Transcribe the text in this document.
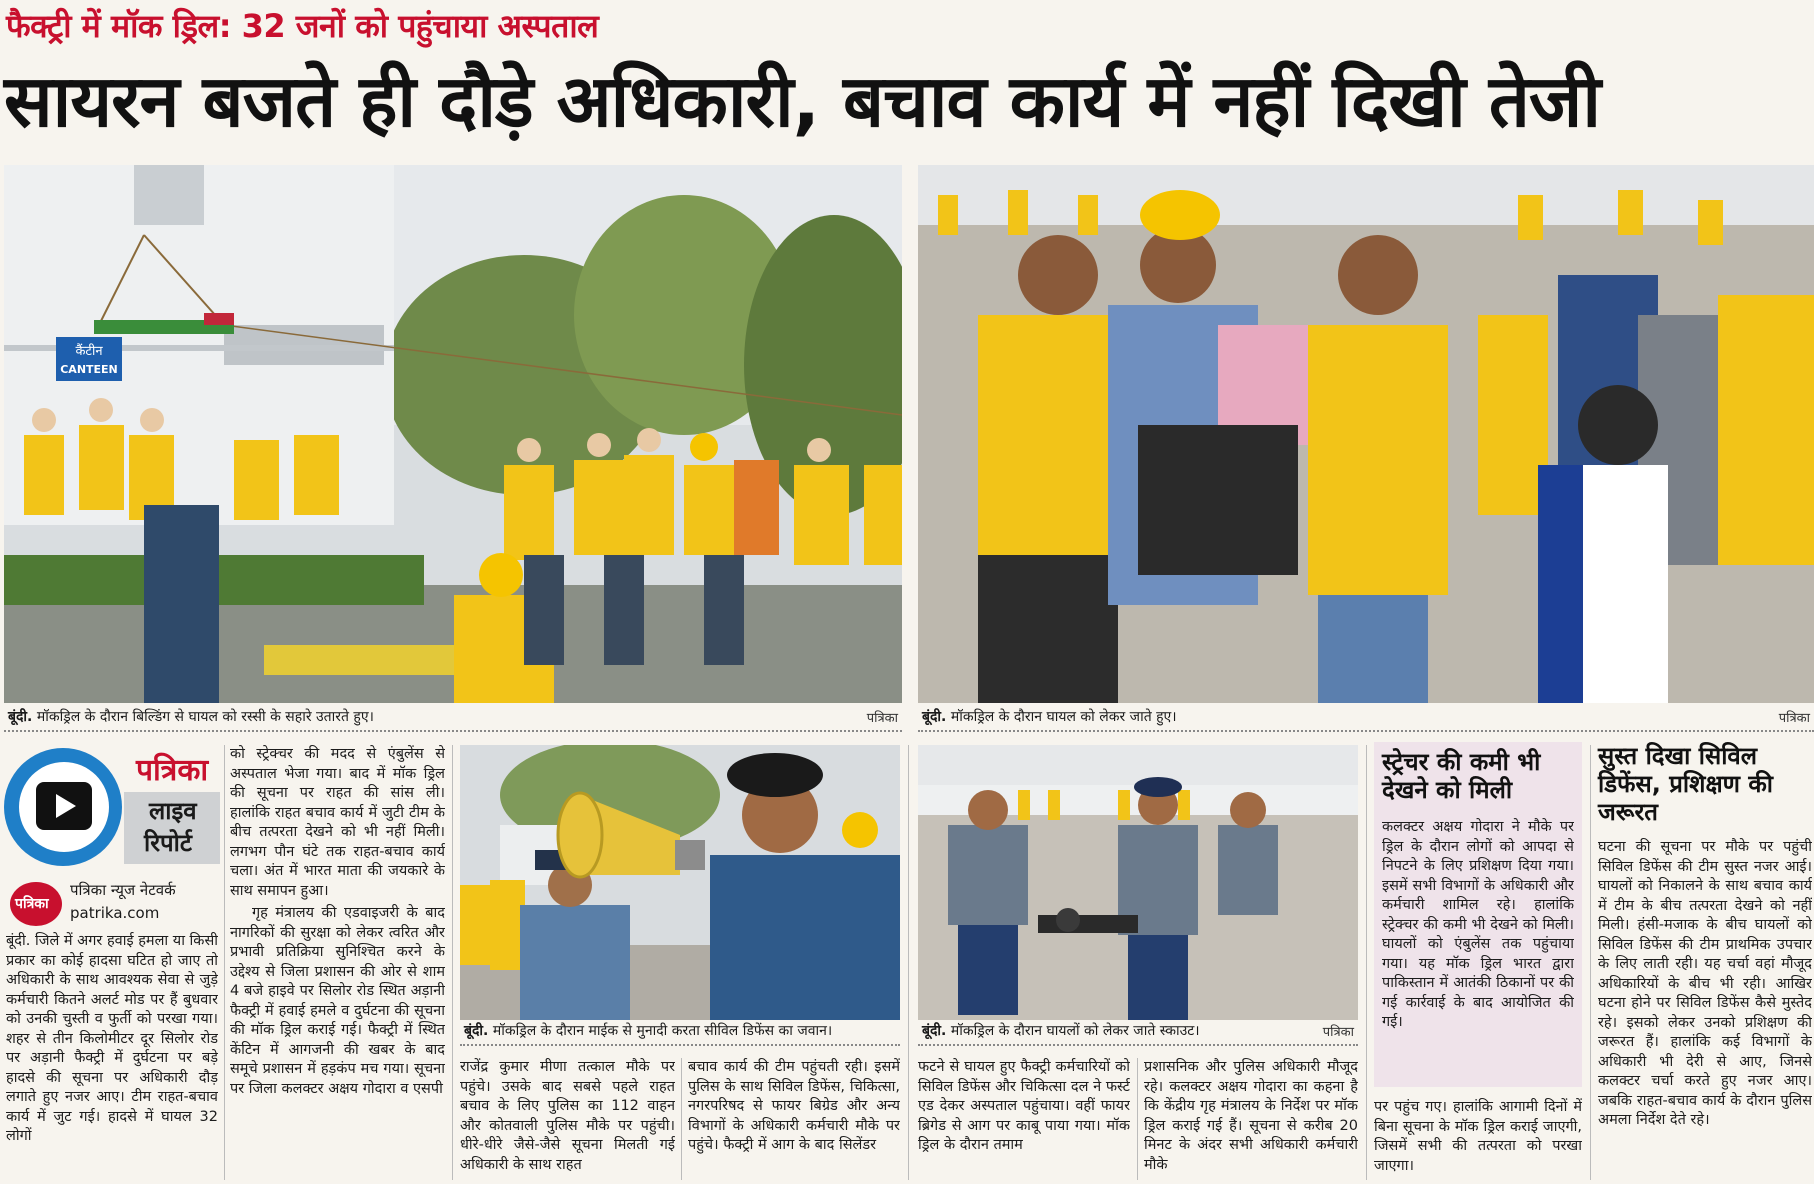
फैक्ट्री में मॉक ड्रिल: 32 जनों को पहुंचाया अस्पताल
सायरन बजते ही दौड़े अधिकारी, बचाव कार्य में नहीं दिखी तेजी
कैंटीन
CANTEEN
बूंदी. मॉकड्रिल के दौरान बिल्डिंग से घायल को रस्सी के सहारे उतारते हुए।	पत्रिका बूंदी. मॉकड्रिल के दौरान घायल को लेकर जाते हुए।	पत्रिका
पत्रिका
लाइव
रिपोर्ट
पत्रिका
पत्रिका न्यूज नेटवर्क
patrika.com
बूंदी. जिले में अगर हवाई हमला या किसी प्रकार का कोई हादसा घटित हो जाए तो अधिकारी के साथ आवश्यक सेवा से जुड़े कर्मचारी कितने अलर्ट मोड पर हैं बुधवार को उनकी चुस्ती व फुर्ती को परखा गया। शहर से तीन किलोमीटर दूर सिलोर रोड पर अड़ानी फैक्ट्री में दुर्घटना पर बड़े हादसे की सूचना पर अधिकारी दौड़ लगाते हुए नजर आए। टीम राहत-बचाव कार्य में जुट गई। हादसे में घायल 32 लोगों

को स्ट्रेक्चर की मदद से एंबुलेंस से अस्पताल भेजा गया। बाद में मॉक ड्रिल की सूचना पर राहत की सांस ली। हालांकि राहत बचाव कार्य में जुटी टीम के बीच तत्परता देखने को भी नहीं मिली। लगभग पौन घंटे तक राहत-बचाव कार्य चला। अंत में भारत माता की जयकारे के साथ समापन हुआ।

गृह मंत्रालय की एडवाइजरी के बाद नागरिकों की सुरक्षा को लेकर त्वरित और प्रभावी प्रतिक्रिया सुनिश्चित करने के उद्देश्य से जिला प्रशासन की ओर से शाम 4 बजे हाइवे पर सिलोर रोड स्थित अड़ानी फैक्ट्री में हवाई हमले व दुर्घटना की सूचना की मॉक ड्रिल कराई गई। फैक्ट्री में स्थित केंटिन में आगजनी की खबर के बाद समूचे प्रशासन में हड़कंप मच गया। सूचना पर जिला कलक्टर अक्षय गोदारा व एसपी

बूंदी. मॉकड्रिल के दौरान माईक से मुनादी करता सीविल डिफेंस का जवान।
राजेंद्र कुमार मीणा तत्काल मौके पर पहुंचे। उसके बाद सबसे पहले राहत बचाव के लिए पुलिस का 112 वाहन और कोतवाली पुलिस मौके पर पहुंची। धीरे-धीरे जैसे-जैसे सूचना मिलती गई अधिकारी के साथ राहत
बचाव कार्य की टीम पहुंचती रही। इसमें पुलिस के साथ सिविल डिफेंस, चिकित्सा, नगरपरिषद से फायर बिग्रेड और अन्य विभागों के अधिकारी कर्मचारी मौके पर पहुंचे। फैक्ट्री में आग के बाद सिलेंडर
बूंदी. मॉकड्रिल के दौरान घायलों को लेकर जाते स्काउट।	पत्रिका
फटने से घायल हुए फैक्ट्री कर्मचारियों को सिविल डिफेंस और चिकित्सा दल ने फर्स्ट एड देकर अस्पताल पहुंचाया। वहीं फायर ब्रिगेड से आग पर काबू पाया गया। मॉक ड्रिल के दौरान तमाम
प्रशासनिक और पुलिस अधिकारी मौजूद रहे। कलक्टर अक्षय गोदारा का कहना है कि केंद्रीय गृह मंत्रालय के निर्देश पर मॉक ड्रिल कराई गई हैं। सूचना से करीब 20 मिनट के अंदर सभी अधिकारी कर्मचारी मौके
स्ट्रेचर की कमी भी देखने को मिली
कलक्टर अक्षय गोदारा ने मौके पर ड्रिल के दौरान लोगों को आपदा से निपटने के लिए प्रशिक्षण दिया गया। इसमें सभी विभागों के अधिकारी और कर्मचारी शामिल रहे। हालांकि स्ट्रेक्चर की कमी भी देखने को मिली। घायलों को एंबुलेंस तक पहुंचाया गया। यह मॉक ड्रिल भारत द्वारा पाकिस्तान में आतंकी ठिकानों पर की गई कार्रवाई के बाद आयोजित की गई।
पर पहुंच गए। हालांकि आगामी दिनों में बिना सूचना के मॉक ड्रिल कराई जाएगी, जिसमें सभी की तत्परता को परखा जाएगा।
सुस्त दिखा सिविल डिफेंस, प्रशिक्षण की जरूरत
घटना की सूचना पर मौके पर पहुंची सिविल डिफेंस की टीम सुस्त नजर आई। घायलों को निकालने के साथ बचाव कार्य में टीम के बीच तत्परता देखने को नहीं मिली। हंसी-मजाक के बीच घायलों को सिविल डिफेंस की टीम प्राथमिक उपचार के लिए लाती रही। यह चर्चा वहां मौजूद अधिकारियों के बीच भी रही। आखिर घटना होने पर सिविल डिफेंस कैसे मुस्तेद रहे। इसको लेकर उनको प्रशिक्षण की जरूरत हैं। हालांकि कई विभागों के अधिकारी भी देरी से आए, जिनसे कलक्टर चर्चा करते हुए नजर आए। जबकि राहत-बचाव कार्य के दौरान पुलिस अमला निर्देश देते रहे।
